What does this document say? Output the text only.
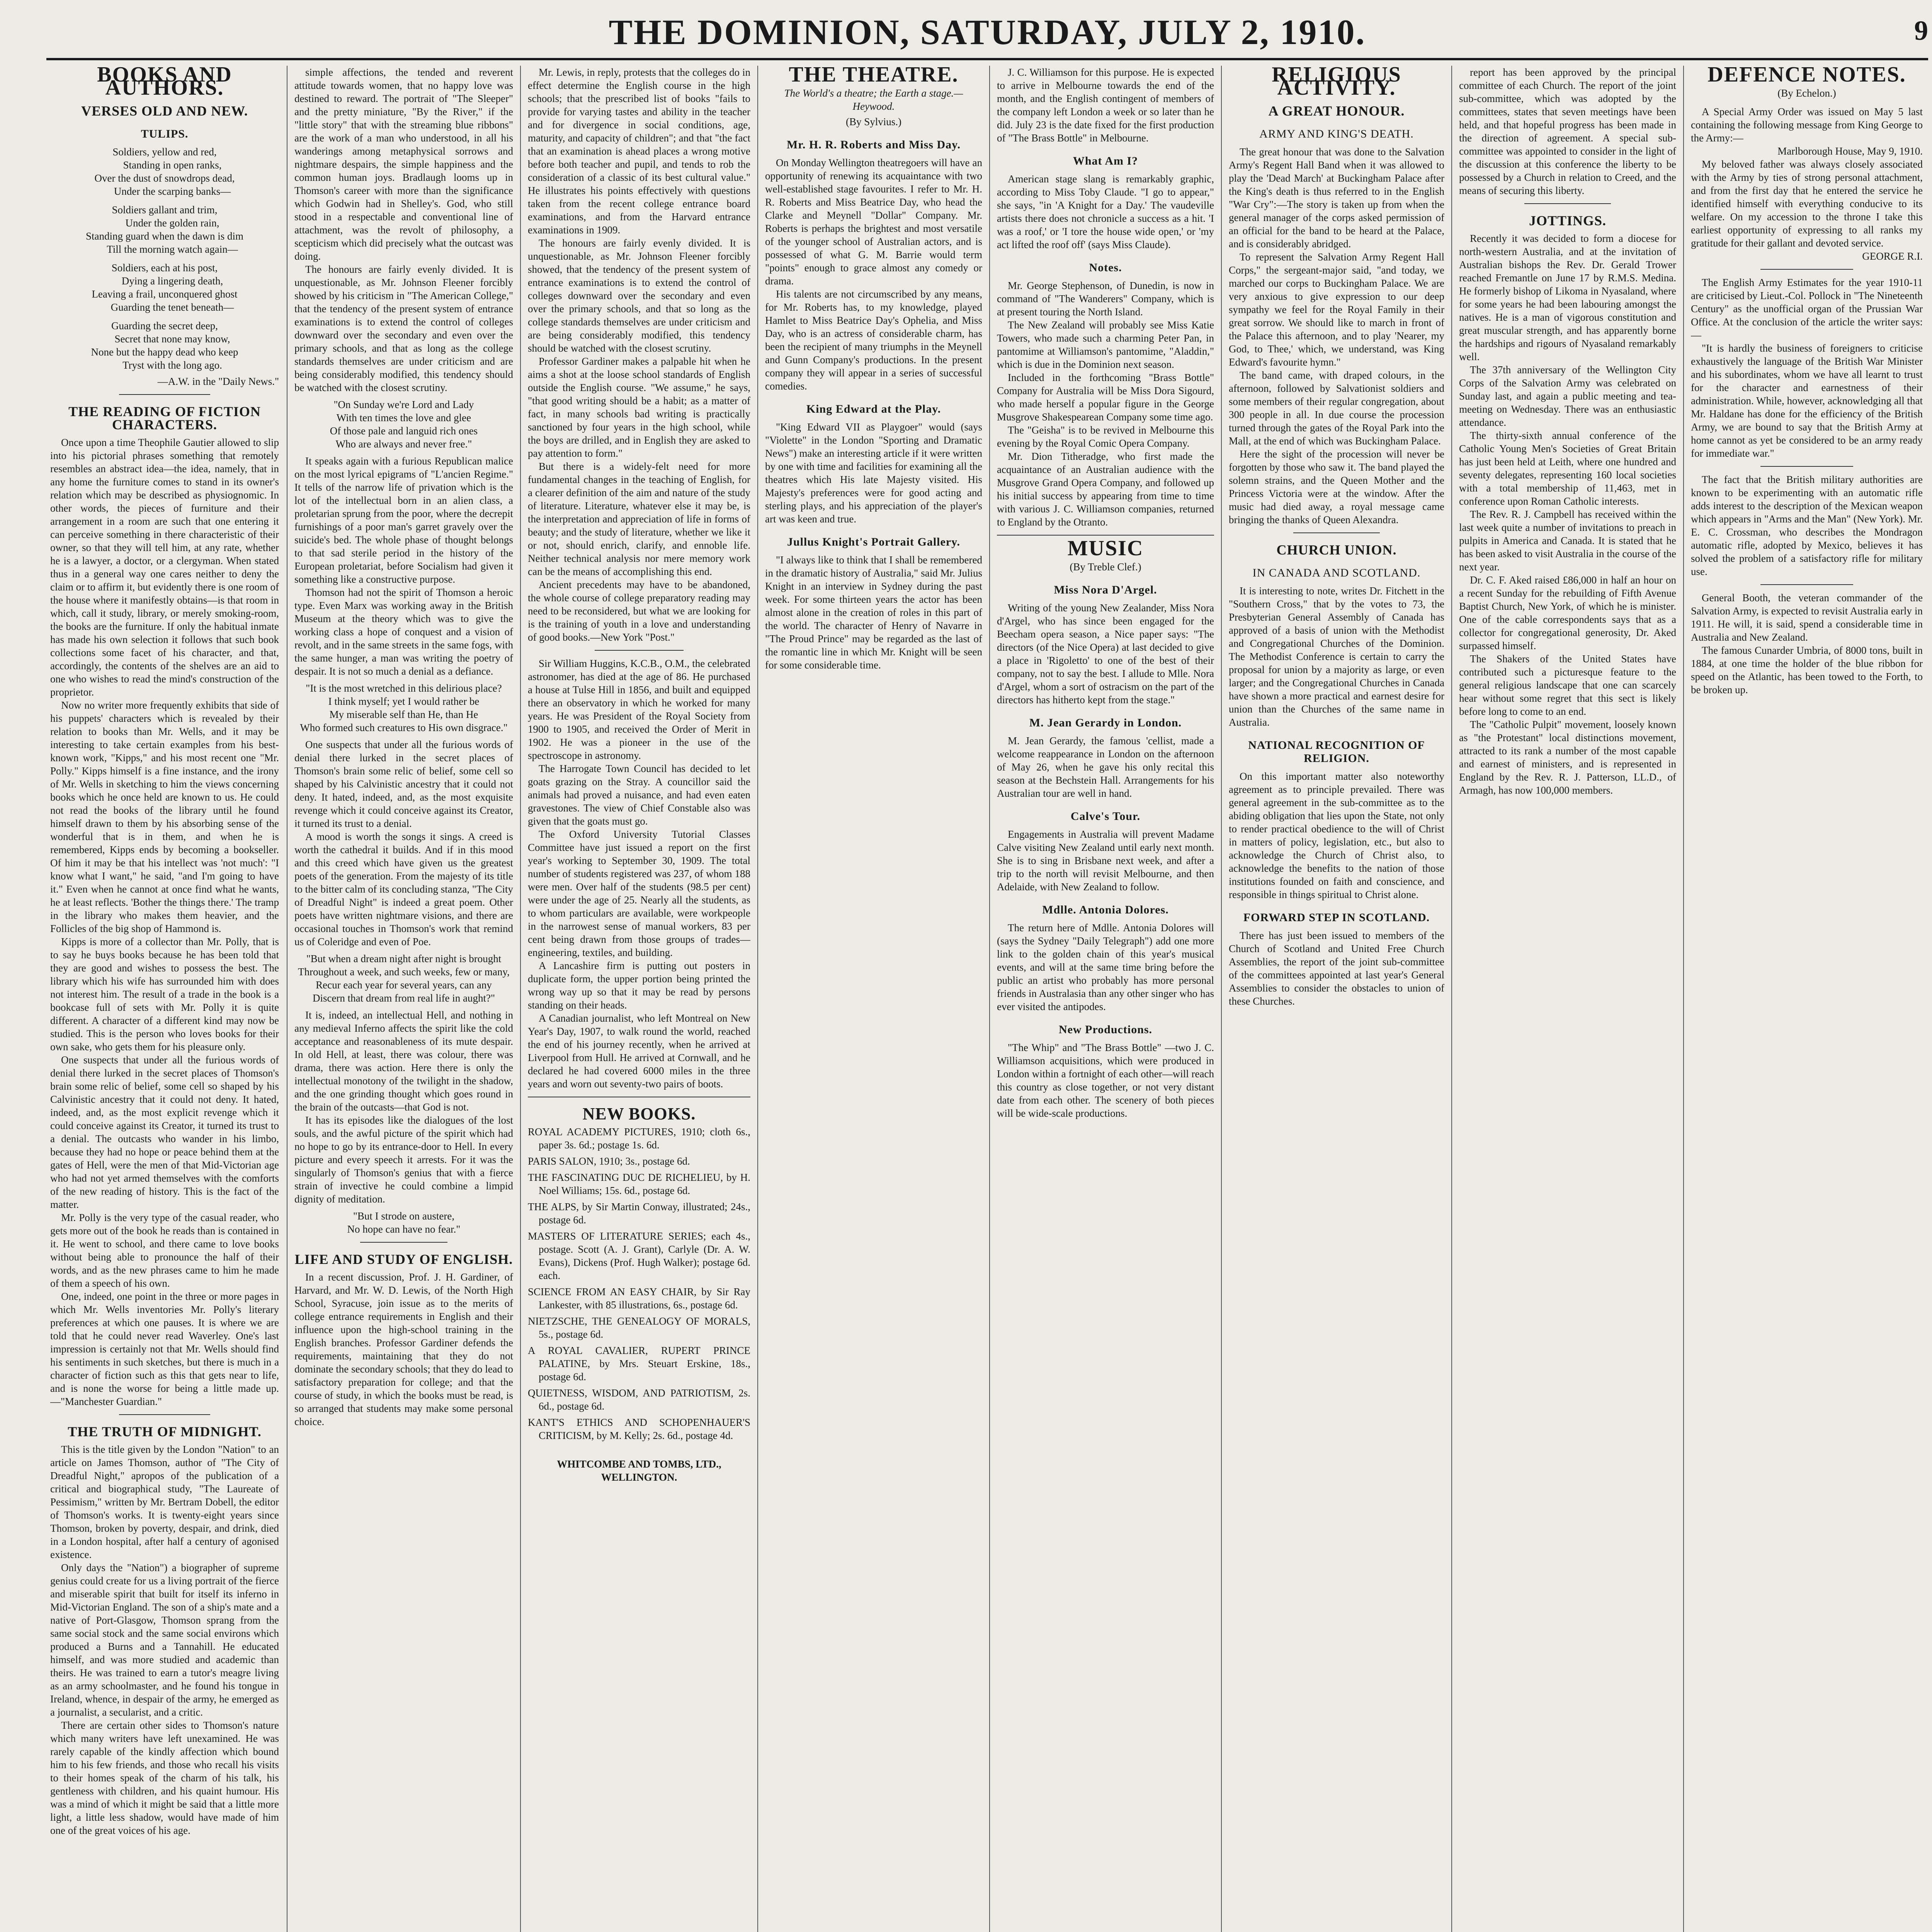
THE DOMINION, SATURDAY, JULY 2, 1910.	9
BOOKS AND AUTHORS.
VERSES OLD AND NEW.
TULIPS.
Soldiers, yellow and red,
Standing in open ranks,
Over the dust of snowdrops dead,
Under the scarping banks—
Soldiers gallant and trim,
Under the golden rain,
Standing guard when the dawn is dim
Till the morning watch again—
Soldiers, each at his post,
Dying a lingering death,
Leaving a frail, unconquered ghost
Guarding the tenet beneath—
Guarding the secret deep,
Secret that none may know,
None but the happy dead who keep
Tryst with the long ago.

—A.W. in the "Daily News."

THE READING OF FICTION CHARACTERS.

Once upon a time Theophile Gautier allowed to slip into his pictorial phrases something that remotely resembles an abstract idea—the idea, namely, that in any home the furniture comes to stand in its owner's relation which may be described as physiognomic. In other words, the pieces of furniture and their arrangement in a room are such that one entering it can perceive something in there characteristic of their owner, so that they will tell him, at any rate, whether he is a lawyer, a doctor, or a clergyman. When stated thus in a general way one cares neither to deny the claim or to affirm it, but evidently there is one room of the house where it manifestly obtains—is that room in which, call it study, library, or merely smoking-room, the books are the furniture. If only the habitual inmate has made his own selection it follows that such book collections some facet of his character, and that, accordingly, the contents of the shelves are an aid to one who wishes to read the mind's construction of the proprietor.

Now no writer more frequently exhibits that side of his puppets' characters which is revealed by their relation to books than Mr. Wells, and it may be interesting to take certain examples from his best-known work, "Kipps," and his most recent one "Mr. Polly." Kipps himself is a fine instance, and the irony of Mr. Wells in sketching to him the views concerning books which he once held are known to us. He could not read the books of the library until he found himself drawn to them by his absorbing sense of the wonderful that is in them, and when he is remembered, Kipps ends by becoming a bookseller. Of him it may be that his intellect was 'not much': "I know what I want," he said, "and I'm going to have it." Even when he cannot at once find what he wants, he at least reflects. 'Bother the things there.' The tramp in the library who makes them heavier, and the Follicles of the big shop of Hammond is.

Kipps is more of a collector than Mr. Polly, that is to say he buys books because he has been told that they are good and wishes to possess the best. The library which his wife has surrounded him with does not interest him. The result of a trade in the book is a bookcase full of sets with Mr. Polly it is quite different. A character of a different kind may now be studied. This is the person who loves books for their own sake, who gets them for his pleasure only.

One suspects that under all the furious words of denial there lurked in the secret places of Thomson's brain some relic of belief, some cell so shaped by his Calvinistic ancestry that it could not deny. It hated, indeed, and, as the most explicit revenge which it could conceive against its Creator, it turned its trust to a denial. The outcasts who wander in his limbo, because they had no hope or peace behind them at the gates of Hell, were the men of that Mid-Victorian age who had not yet armed themselves with the comforts of the new reading of history. This is the fact of the matter.

Mr. Polly is the very type of the casual reader, who gets more out of the book he reads than is contained in it. He went to school, and there came to love books without being able to pronounce the half of their words, and as the new phrases came to him he made of them a speech of his own.

One, indeed, one point in the three or more pages in which Mr. Wells inventories Mr. Polly's literary preferences at which one pauses. It is where we are told that he could never read Waverley. One's last impression is certainly not that Mr. Wells should find his sentiments in such sketches, but there is much in a character of fiction such as this that gets near to life, and is none the worse for being a little made up.—"Manchester Guardian."

THE TRUTH OF MIDNIGHT.

This is the title given by the London "Nation" to an article on James Thomson, author of "The City of Dreadful Night," apropos of the publication of a critical and biographical study, "The Laureate of Pessimism," written by Mr. Bertram Dobell, the editor of Thomson's works. It is twenty-eight years since Thomson, broken by poverty, despair, and drink, died in a London hospital, after half a century of agonised existence.

Only days the "Nation") a biographer of supreme genius could create for us a living portrait of the fierce and miserable spirit that built for itself its inferno in Mid-Victorian England. The son of a ship's mate and a native of Port-Glasgow, Thomson sprang from the same social stock and the same social environs which produced a Burns and a Tannahill. He educated himself, and was more studied and academic than theirs. He was trained to earn a tutor's meagre living as an army schoolmaster, and he found his tongue in Ireland, whence, in despair of the army, he emerged as a journalist, a secularist, and a critic.

There are certain other sides to Thomson's nature which many writers have left unexamined. He was rarely capable of the kindly affection which bound him to his few friends, and those who recall his visits to their homes speak of the charm of his talk, his gentleness with children, and his quaint humour. His was a mind of which it might be said that a little more light, a little less shadow, would have made of him one of the great voices of his age.

simple affections, the tended and reverent attitude towards women, that no happy love was destined to reward. The portrait of "The Sleeper" and the pretty miniature, "By the River," if the "little story" that with the streaming blue ribbons" are the work of a man who understood, in all his wanderings among metaphysical sorrows and nightmare despairs, the simple happiness and the common human joys. Bradlaugh looms up in Thomson's career with more than the significance which Godwin had in Shelley's. God, who still stood in a respectable and conventional line of attachment, was the revolt of philosophy, a scepticism which did precisely what the outcast was doing.

The honours are fairly evenly divided. It is unquestionable, as Mr. Johnson Fleener forcibly showed by his criticism in "The American College," that the tendency of the present system of entrance examinations is to extend the control of colleges downward over the secondary and even over the primary schools, and that as long as the college standards themselves are under criticism and are being considerably modified, this tendency should be watched with the closest scrutiny.

"On Sunday we're Lord and Lady
With ten times the love and glee
Of those pale and languid rich ones
Who are always and never free."

It speaks again with a furious Republican malice on the most lyrical epigrams of "L'ancien Regime." It tells of the narrow life of privation which is the lot of the intellectual born in an alien class, a proletarian sprung from the poor, where the decrepit furnishings of a poor man's garret gravely over the suicide's bed. The whole phase of thought belongs to that sad sterile period in the history of the European proletariat, before Socialism had given it something like a constructive purpose.

Thomson had not the spirit of Thomson a heroic type. Even Marx was working away in the British Museum at the theory which was to give the working class a hope of conquest and a vision of revolt, and in the same streets in the same fogs, with the same hunger, a man was writing the poetry of despair. It is not so much a denial as a defiance.

"It is the most wretched in this delirious place?
I think myself; yet I would rather be
My miserable self than He, than He
Who formed such creatures to His own disgrace."

One suspects that under all the furious words of denial there lurked in the secret places of Thomson's brain some relic of belief, some cell so shaped by his Calvinistic ancestry that it could not deny. It hated, indeed, and, as the most exquisite revenge which it could conceive against its Creator, it turned its trust to a denial.

A mood is worth the songs it sings. A creed is worth the cathedral it builds. And if in this mood and this creed which have given us the greatest poets of the generation. From the majesty of its title to the bitter calm of its concluding stanza, "The City of Dreadful Night" is indeed a great poem. Other poets have written nightmare visions, and there are occasional touches in Thomson's work that remind us of Coleridge and even of Poe.

"But when a dream night after night is brought
Throughout a week, and such weeks, few or many,
Recur each year for several years, can any
Discern that dream from real life in aught?"

It is, indeed, an intellectual Hell, and nothing in any medieval Inferno affects the spirit like the cold acceptance and reasonableness of its mute despair. In old Hell, at least, there was colour, there was drama, there was action. Here there is only the intellectual monotony of the twilight in the shadow, and the one grinding thought which goes round in the brain of the outcasts—that God is not.

It has its episodes like the dialogues of the lost souls, and the awful picture of the spirit which had no hope to go by its entrance-door to Hell. In every picture and every speech it arrests. For it was the singularly of Thomson's genius that with a fierce strain of invective he could combine a limpid dignity of meditation.

"But I strode on austere,
No hope can have no fear."

LIFE AND STUDY OF ENGLISH.

In a recent discussion, Prof. J. H. Gardiner, of Harvard, and Mr. W. D. Lewis, of the North High School, Syracuse, join issue as to the merits of college entrance requirements in English and their influence upon the high-school training in the English branches. Professor Gardiner defends the requirements, maintaining that they do not dominate the secondary schools; that they do lead to satisfactory preparation for college; and that the course of study, in which the books must be read, is so arranged that students may make some personal choice.

Mr. Lewis, in reply, protests that the colleges do in effect determine the English course in the high schools; that the prescribed list of books "fails to provide for varying tastes and ability in the teacher and for divergence in social conditions, age, maturity, and capacity of children"; and that "the fact that an examination is ahead places a wrong motive before both teacher and pupil, and tends to rob the consideration of a classic of its best cultural value." He illustrates his points effectively with questions taken from the recent college entrance board examinations, and from the Harvard entrance examinations in 1909.

The honours are fairly evenly divided. It is unquestionable, as Mr. Johnson Fleener forcibly showed, that the tendency of the present system of entrance examinations is to extend the control of colleges downward over the secondary and even over the primary schools, and that so long as the college standards themselves are under criticism and are being considerably modified, this tendency should be watched with the closest scrutiny.

Professor Gardiner makes a palpable hit when he aims a shot at the loose school standards of English outside the English course. "We assume," he says, "that good writing should be a habit; as a matter of fact, in many schools bad writing is practically sanctioned by four years in the high school, while the boys are drilled, and in English they are asked to pay attention to form."

But there is a widely-felt need for more fundamental changes in the teaching of English, for a clearer definition of the aim and nature of the study of literature. Literature, whatever else it may be, is the interpretation and appreciation of life in forms of beauty; and the study of literature, whether we like it or not, should enrich, clarify, and ennoble life. Neither technical analysis nor mere memory work can be the means of accomplishing this end.

Ancient precedents may have to be abandoned, the whole course of college preparatory reading may need to be reconsidered, but what we are looking for is the training of youth in a love and understanding of good books.—New York "Post."

Sir William Huggins, K.C.B., O.M., the celebrated astronomer, has died at the age of 86. He purchased a house at Tulse Hill in 1856, and built and equipped there an observatory in which he worked for many years. He was President of the Royal Society from 1900 to 1905, and received the Order of Merit in 1902. He was a pioneer in the use of the spectroscope in astronomy.

The Harrogate Town Council has decided to let goats grazing on the Stray. A councillor said the animals had proved a nuisance, and had even eaten gravestones. The view of Chief Constable also was given that the goats must go.

The Oxford University Tutorial Classes Committee have just issued a report on the first year's working to September 30, 1909. The total number of students registered was 237, of whom 188 were men. Over half of the students (98.5 per cent) were under the age of 25. Nearly all the students, as to whom particulars are available, were workpeople in the narrowest sense of manual workers, 83 per cent being drawn from those groups of trades—engineering, textiles, and building.

A Lancashire firm is putting out posters in duplicate form, the upper portion being printed the wrong way up so that it may be read by persons standing on their heads.

A Canadian journalist, who left Montreal on New Year's Day, 1907, to walk round the world, reached the end of his journey recently, when he arrived at Liverpool from Hull. He arrived at Cornwall, and he declared he had covered 6000 miles in the three years and worn out seventy-two pairs of boots.

NEW BOOKS.

ROYAL ACADEMY PICTURES, 1910; cloth 6s., paper 3s. 6d.; postage 1s. 6d.

PARIS SALON, 1910; 3s., postage 6d.

THE FASCINATING DUC DE RICHELIEU, by H. Noel Williams; 15s. 6d., postage 6d.

THE ALPS, by Sir Martin Conway, illustrated; 24s., postage 6d.

MASTERS OF LITERATURE SERIES; each 4s., postage. Scott (A. J. Grant), Carlyle (Dr. A. W. Evans), Dickens (Prof. Hugh Walker); postage 6d. each.

SCIENCE FROM AN EASY CHAIR, by Sir Ray Lankester, with 85 illustrations, 6s., postage 6d.

NIETZSCHE, THE GENEALOGY OF MORALS, 5s., postage 6d.

A ROYAL CAVALIER, RUPERT PRINCE PALATINE, by Mrs. Steuart Erskine, 18s., postage 6d.

QUIETNESS, WISDOM, AND PATRIOTISM, 2s. 6d., postage 6d.

KANT'S ETHICS AND SCHOPENHAUER'S CRITICISM, by M. Kelly; 2s. 6d., postage 4d.

WHITCOMBE AND TOMBS, LTD.,
WELLINGTON.
THE THEATRE.

The World's a theatre; the Earth a stage.—Heywood.

(By Sylvius.)
Mr. H. R. Roberts and Miss Day.

On Monday Wellington theatregoers will have an opportunity of renewing its acquaintance with two well-established stage favourites. I refer to Mr. H. R. Roberts and Miss Beatrice Day, who head the Clarke and Meynell "Dollar" Company. Mr. Roberts is perhaps the brightest and most versatile of the younger school of Australian actors, and is possessed of what G. M. Barrie would term "points" enough to grace almost any comedy or drama.

His talents are not circumscribed by any means, for Mr. Roberts has, to my knowledge, played Hamlet to Miss Beatrice Day's Ophelia, and Miss Day, who is an actress of considerable charm, has been the recipient of many triumphs in the Meynell and Gunn Company's productions. In the present company they will appear in a series of successful comedies.

King Edward at the Play.

"King Edward VII as Playgoer" would (says "Violette" in the London "Sporting and Dramatic News") make an interesting article if it were written by one with time and facilities for examining all the theatres which His late Majesty visited. His Majesty's preferences were for good acting and sterling plays, and his appreciation of the player's art was keen and true.

Jullus Knight's Portrait Gallery.

"I always like to think that I shall be remembered in the dramatic history of Australia," said Mr. Julius Knight in an interview in Sydney during the past week. For some thirteen years the actor has been almost alone in the creation of roles in this part of the world. The character of Henry of Navarre in "The Proud Prince" may be regarded as the last of the romantic line in which Mr. Knight will be seen for some considerable time.

J. C. Williamson for this purpose. He is expected to arrive in Melbourne towards the end of the month, and the English contingent of members of the company left London a week or so later than he did. July 23 is the date fixed for the first production of "The Brass Bottle" in Melbourne.

What Am I?

American stage slang is remarkably graphic, according to Miss Toby Claude. "I go to appear," she says, "in 'A Knight for a Day.' The vaudeville artists there does not chronicle a success as a hit. 'I was a roof,' or 'I tore the house wide open,' or 'my act lifted the roof off' (says Miss Claude).

Notes.

Mr. George Stephenson, of Dunedin, is now in command of "The Wanderers" Company, which is at present touring the North Island.

The New Zealand will probably see Miss Katie Towers, who made such a charming Peter Pan, in pantomime at Williamson's pantomime, "Aladdin," which is due in the Dominion next season.

Included in the forthcoming "Brass Bottle" Company for Australia will be Miss Dora Sigourd, who made herself a popular figure in the George Musgrove Shakespearean Company some time ago.

The "Geisha" is to be revived in Melbourne this evening by the Royal Comic Opera Company.

Mr. Dion Titheradge, who first made the acquaintance of an Australian audience with the Musgrove Grand Opera Company, and followed up his initial success by appearing from time to time with various J. C. Williamson companies, returned to England by the Otranto.

MUSIC
(By Treble Clef.)
Miss Nora D'Argel.

Writing of the young New Zealander, Miss Nora d'Argel, who has since been engaged for the Beecham opera season, a Nice paper says: "The directors (of the Nice Opera) at last decided to give a place in 'Rigoletto' to one of the best of their company, not to say the best. I allude to Mlle. Nora d'Argel, whom a sort of ostracism on the part of the directors has hitherto kept from the stage."

M. Jean Gerardy in London.

M. Jean Gerardy, the famous 'cellist, made a welcome reappearance in London on the afternoon of May 26, when he gave his only recital this season at the Bechstein Hall. Arrangements for his Australian tour are well in hand.

Calve's Tour.

Engagements in Australia will prevent Madame Calve visiting New Zealand until early next month. She is to sing in Brisbane next week, and after a trip to the north will revisit Melbourne, and then Adelaide, with New Zealand to follow.

Mdlle. Antonia Dolores.

The return here of Mdlle. Antonia Dolores will (says the Sydney "Daily Telegraph") add one more link to the golden chain of this year's musical events, and will at the same time bring before the public an artist who probably has more personal friends in Australasia than any other singer who has ever visited the antipodes.

New Productions.

"The Whip" and "The Brass Bottle" —two J. C. Williamson acquisitions, which were produced in London within a fortnight of each other—will reach this country as close together, or not very distant date from each other. The scenery of both pieces will be wide-scale productions.

RELIGIOUS ACTIVITY.
A GREAT HONOUR.
ARMY AND KING'S DEATH.

The great honour that was done to the Salvation Army's Regent Hall Band when it was allowed to play the 'Dead March' at Buckingham Palace after the King's death is thus referred to in the English "War Cry":—The story is taken up from when the general manager of the corps asked permission of an official for the band to be heard at the Palace, and is considerably abridged.

To represent the Salvation Army Regent Hall Corps," the sergeant-major said, "and today, we marched our corps to Buckingham Palace. We are very anxious to give expression to our deep sympathy we feel for the Royal Family in their great sorrow. We should like to march in front of the Palace this afternoon, and to play 'Nearer, my God, to Thee,' which, we understand, was King Edward's favourite hymn."

The band came, with draped colours, in the afternoon, followed by Salvationist soldiers and some members of their regular congregation, about 300 people in all. In due course the procession turned through the gates of the Royal Park into the Mall, at the end of which was Buckingham Palace.

Here the sight of the procession will never be forgotten by those who saw it. The band played the solemn strains, and the Queen Mother and the Princess Victoria were at the window. After the music had died away, a royal message came bringing the thanks of Queen Alexandra.

CHURCH UNION.
IN CANADA AND SCOTLAND.

It is interesting to note, writes Dr. Fitchett in the "Southern Cross," that by the votes to 73, the Presbyterian General Assembly of Canada has approved of a basis of union with the Methodist and Congregational Churches of the Dominion. The Methodist Conference is certain to carry the proposal for union by a majority as large, or even larger; and the Congregational Churches in Canada have shown a more practical and earnest desire for union than the Churches of the same name in Australia.

NATIONAL RECOGNITION OF RELIGION.

On this important matter also noteworthy agreement as to principle prevailed. There was general agreement in the sub-committee as to the abiding obligation that lies upon the State, not only to render practical obedience to the will of Christ in matters of policy, legislation, etc., but also to acknowledge the Church of Christ also, to acknowledge the benefits to the nation of those institutions founded on faith and conscience, and responsible in things spiritual to Christ alone.

FORWARD STEP IN SCOTLAND.

There has just been issued to members of the Church of Scotland and United Free Church Assemblies, the report of the joint sub-committee of the committees appointed at last year's General Assemblies to consider the obstacles to union of these Churches.

report has been approved by the principal committee of each Church. The report of the joint sub-committee, which was adopted by the committees, states that seven meetings have been held, and that hopeful progress has been made in the direction of agreement. A special sub-committee was appointed to consider in the light of the discussion at this conference the liberty to be possessed by a Church in relation to Creed, and the means of securing this liberty.

JOTTINGS.

Recently it was decided to form a diocese for north-western Australia, and at the invitation of Australian bishops the Rev. Dr. Gerald Trower reached Fremantle on June 17 by R.M.S. Medina. He formerly bishop of Likoma in Nyasaland, where for some years he had been labouring amongst the natives. He is a man of vigorous constitution and great muscular strength, and has apparently borne the hardships and rigours of Nyasaland remarkably well.

The 37th anniversary of the Wellington City Corps of the Salvation Army was celebrated on Sunday last, and again a public meeting and tea-meeting on Wednesday. There was an enthusiastic attendance.

The thirty-sixth annual conference of the Catholic Young Men's Societies of Great Britain has just been held at Leith, where one hundred and seventy delegates, representing 160 local societies with a total membership of 11,463, met in conference upon Roman Catholic interests.

The Rev. R. J. Campbell has received within the last week quite a number of invitations to preach in pulpits in America and Canada. It is stated that he has been asked to visit Australia in the course of the next year.

Dr. C. F. Aked raised £86,000 in half an hour on a recent Sunday for the rebuilding of Fifth Avenue Baptist Church, New York, of which he is minister. One of the cable correspondents says that as a collector for congregational generosity, Dr. Aked surpassed himself.

The Shakers of the United States have contributed such a picturesque feature to the general religious landscape that one can scarcely hear without some regret that this sect is likely before long to come to an end.

The "Catholic Pulpit" movement, loosely known as "the Protestant" local distinctions movement, attracted to its rank a number of the most capable and earnest of ministers, and is represented in England by the Rev. R. J. Patterson, LL.D., of Armagh, has now 100,000 members.

DEFENCE NOTES.
(By Echelon.)

A Special Army Order was issued on May 5 last containing the following message from King George to the Army:—

Marlborough House, May 9, 1910.

My beloved father was always closely associated with the Army by ties of strong personal attachment, and from the first day that he entered the service he identified himself with everything conducive to its welfare. On my accession to the throne I take this earliest opportunity of expressing to all ranks my gratitude for their gallant and devoted service.

GEORGE R.I.

The English Army Estimates for the year 1910-11 are criticised by Lieut.-Col. Pollock in "The Nineteenth Century" as the unofficial organ of the Prussian War Office. At the conclusion of the article the writer says:—

"It is hardly the business of foreigners to criticise exhaustively the language of the British War Minister and his subordinates, whom we have all learnt to trust for the character and earnestness of their administration. While, however, acknowledging all that Mr. Haldane has done for the efficiency of the British Army, we are bound to say that the British Army at home cannot as yet be considered to be an army ready for immediate war."

The fact that the British military authorities are known to be experimenting with an automatic rifle adds interest to the description of the Mexican weapon which appears in "Arms and the Man" (New York). Mr. E. C. Crossman, who describes the Mondragon automatic rifle, adopted by Mexico, believes it has solved the problem of a satisfactory rifle for military use.

General Booth, the veteran commander of the Salvation Army, is expected to revisit Australia early in 1911. He will, it is said, spend a considerable time in Australia and New Zealand.

The famous Cunarder Umbria, of 8000 tons, built in 1884, at one time the holder of the blue ribbon for speed on the Atlantic, has been towed to the Forth, to be broken up.
